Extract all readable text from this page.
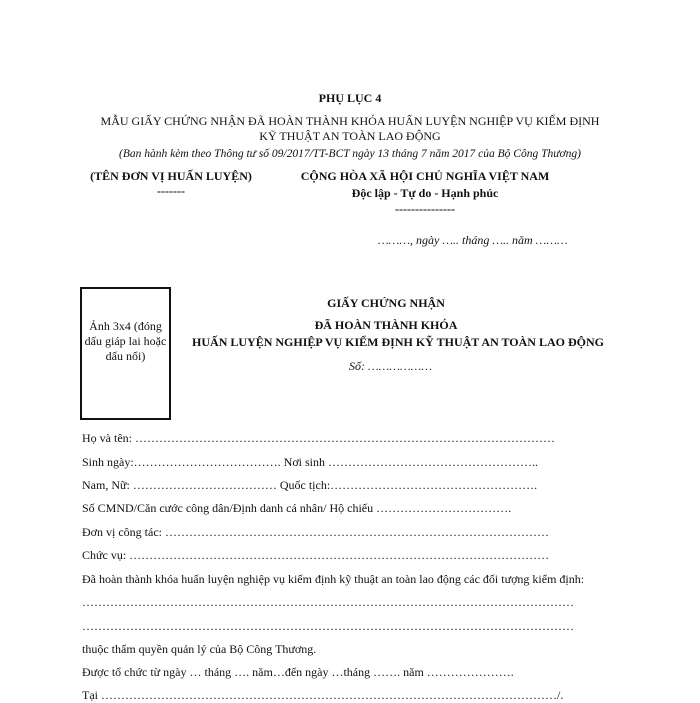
PHỤ LỤC 4
MẪU GIẤY CHỨNG NHẬN ĐÃ HOÀN THÀNH KHÓA HUẤN LUYỆN NGHIỆP VỤ KIỂM ĐỊNH
KỸ THUẬT AN TOÀN LAO ĐỘNG
(Ban hành kèm theo Thông tư số 09/2017/TT-BCT ngày 13 tháng 7 năm 2017 của Bộ Công Thương)
(TÊN ĐƠN VỊ HUẤN LUYỆN)
-------
CỘNG HÒA XÃ HỘI CHỦ NGHĨA VIỆT NAM
Độc lập - Tự do - Hạnh phúc
---------------
………, ngày ….. tháng ….. năm ………
Ảnh 3x4 (đóng dấu giáp lai hoặc dấu nổi)
GIẤY CHỨNG NHẬN
ĐÃ HOÀN THÀNH KHÓA
HUẤN LUYỆN NGHIỆP VỤ KIỂM ĐỊNH KỸ THUẬT AN TOÀN LAO ĐỘNG
Số: ………………
Họ và tên: ……………………………………………………………………………………………
Sinh ngày:………………………………. Nơi sinh ……………………………………………..
Nam, Nữ: ……………………………… Quốc tịch:…………………………………………….
Số CMND/Căn cước công dân/Định danh cá nhân/ Hộ chiếu …………………………….
Đơn vị công tác: ……………………………………………………………………………………
Chức vụ: ……………………………………………………………………………………………
Đã hoàn thành khóa huấn luyện nghiệp vụ kiểm định kỹ thuật an toàn lao động các đối tượng kiểm định:
……………………………………………………………………………………………………………
……………………………………………………………………………………………………………
thuộc thẩm quyền quản lý của Bộ Công Thương.
Được tổ chức từ ngày … tháng …. năm…đến ngày …tháng ……. năm ………………….
Tại ……………………………………………………………………………………………………/.
